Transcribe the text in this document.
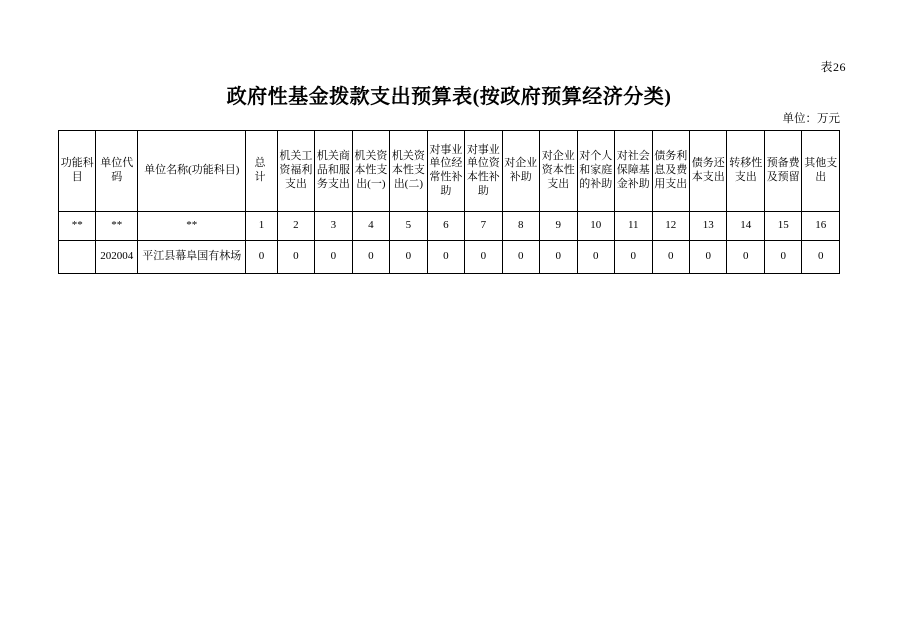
表26
政府性基金拨款支出预算表(按政府预算经济分类)
单位：万元
功能科目	单位代码	单位名称(功能科目)	总　计	机关工资福利支出	机关商品和服务支出	机关资本性支出(一)	机关资本性支出(二)	对事业单位经常性补助	对事业单位资本性补助	对企业补助	对企业资本性支出	对个人和家庭的补助	对社会保障基金补助	债务利息及费用支出	债务还本支出	转移性支出	预备费及预留	其他支出
**	**	**	1	2	3	4	5	6	7	8	9	10	11	12	13	14	15	16
	202004	平江县幕阜国有林场	0	0	0	0	0	0	0	0	0	0	0	0	0	0	0	0
